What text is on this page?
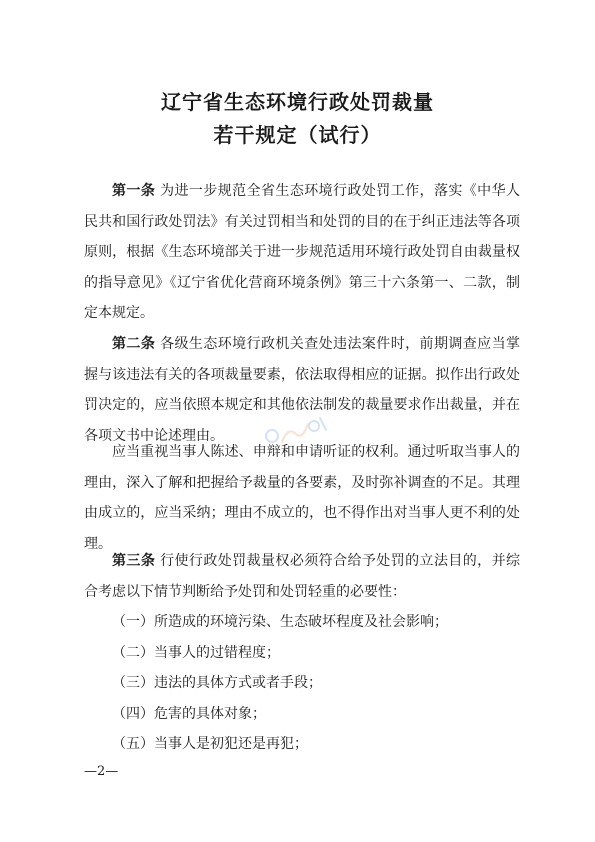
辽宁省生态环境行政处罚裁量
若干规定（试行）

第一条 为进一步规范全省生态环境行政处罚工作，落实《中华人民共和国行政处罚法》有关过罚相当和处罚的目的在于纠正违法等各项原则，根据《生态环境部关于进一步规范适用环境行政处罚自由裁量权的指导意见》《辽宁省优化营商环境条例》第三十六条第一、二款，制定本规定。

第二条 各级生态环境行政机关查处违法案件时，前期调查应当掌握与该违法有关的各项裁量要素，依法取得相应的证据。拟作出行政处罚决定的，应当依照本规定和其他依法制发的裁量要求作出裁量，并在各项文书中论述理由。

应当重视当事人陈述、申辩和申请听证的权利。通过听取当事人的理由，深入了解和把握给予裁量的各要素，及时弥补调查的不足。其理由成立的，应当采纳；理由不成立的，也不得作出对当事人更不利的处理。

第三条 行使行政处罚裁量权必须符合给予处罚的立法目的，并综合考虑以下情节判断给予处罚和处罚轻重的必要性：

（一）所造成的环境污染、生态破坏程度及社会影响；

（二）当事人的过错程度；

（三）违法的具体方式或者手段；

（四）危害的具体对象；

（五）当事人是初犯还是再犯；

—2—
